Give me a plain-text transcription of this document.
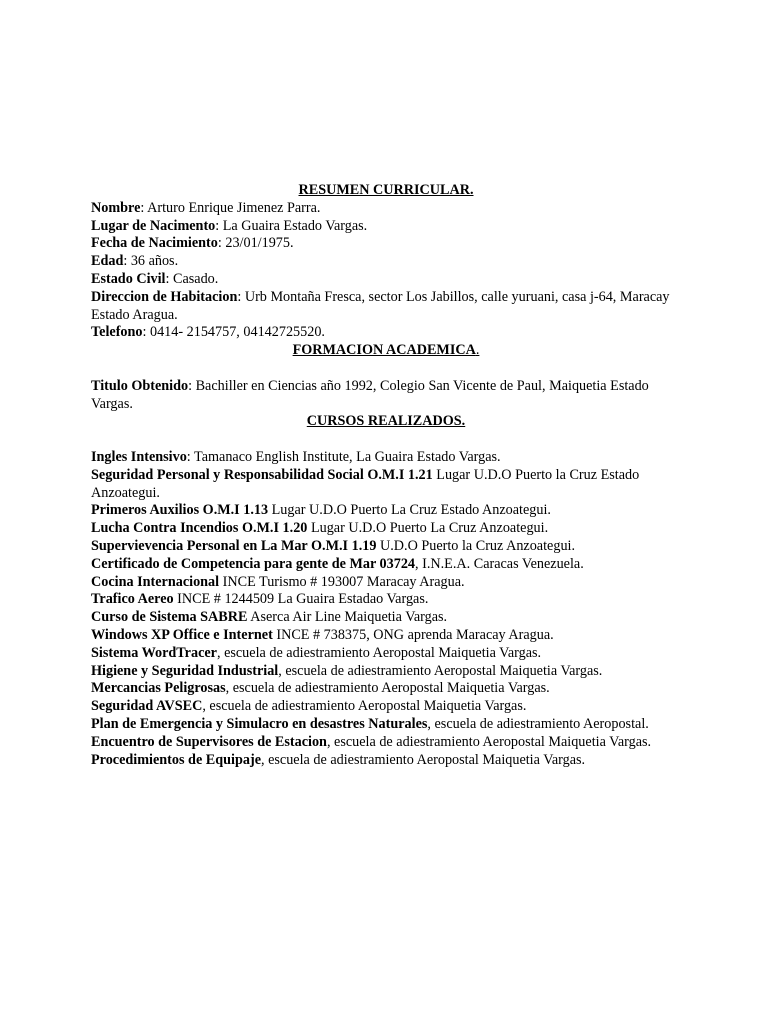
RESUMEN CURRICULAR.
Nombre: Arturo Enrique Jimenez Parra.
Lugar de Nacimento: La Guaira Estado Vargas.
Fecha de Nacimiento: 23/01/1975.
Edad: 36 años.
Estado Civil: Casado.
Direccion de Habitacion: Urb Montaña Fresca, sector Los Jabillos, calle yuruani, casa j-64, Maracay Estado Aragua.
Telefono: 0414- 2154757, 04142725520.
FORMACION ACADEMICA.
Titulo Obtenido: Bachiller en Ciencias año 1992, Colegio San Vicente de Paul, Maiquetia Estado Vargas.
CURSOS REALIZADOS.
Ingles Intensivo: Tamanaco English Institute, La Guaira Estado Vargas.
Seguridad Personal y Responsabilidad Social O.M.I 1.21 Lugar U.D.O Puerto la Cruz Estado Anzoategui.
Primeros Auxilios O.M.I 1.13 Lugar U.D.O Puerto La Cruz Estado Anzoategui.
Lucha Contra Incendios O.M.I 1.20 Lugar U.D.O Puerto La Cruz Anzoategui.
Supervievencia Personal en La Mar O.M.I 1.19 U.D.O Puerto la Cruz Anzoategui.
Certificado de Competencia para gente de Mar 03724, I.N.E.A. Caracas Venezuela.
Cocina Internacional INCE Turismo # 193007 Maracay Aragua.
Trafico Aereo INCE # 1244509 La Guaira Estadao Vargas.
Curso de Sistema SABRE Aserca Air Line Maiquetia Vargas.
Windows XP Office e Internet INCE # 738375, ONG aprenda Maracay Aragua.
Sistema WordTracer, escuela de adiestramiento Aeropostal Maiquetia Vargas.
Higiene y Seguridad Industrial, escuela de adiestramiento Aeropostal Maiquetia Vargas.
Mercancias Peligrosas, escuela de adiestramiento Aeropostal Maiquetia Vargas.
Seguridad AVSEC, escuela de adiestramiento Aeropostal Maiquetia Vargas.
Plan de Emergencia y Simulacro en desastres Naturales, escuela de adiestramiento Aeropostal.
Encuentro de Supervisores de Estacion, escuela de adiestramiento Aeropostal Maiquetia Vargas.
Procedimientos de Equipaje, escuela de adiestramiento Aeropostal Maiquetia Vargas.
